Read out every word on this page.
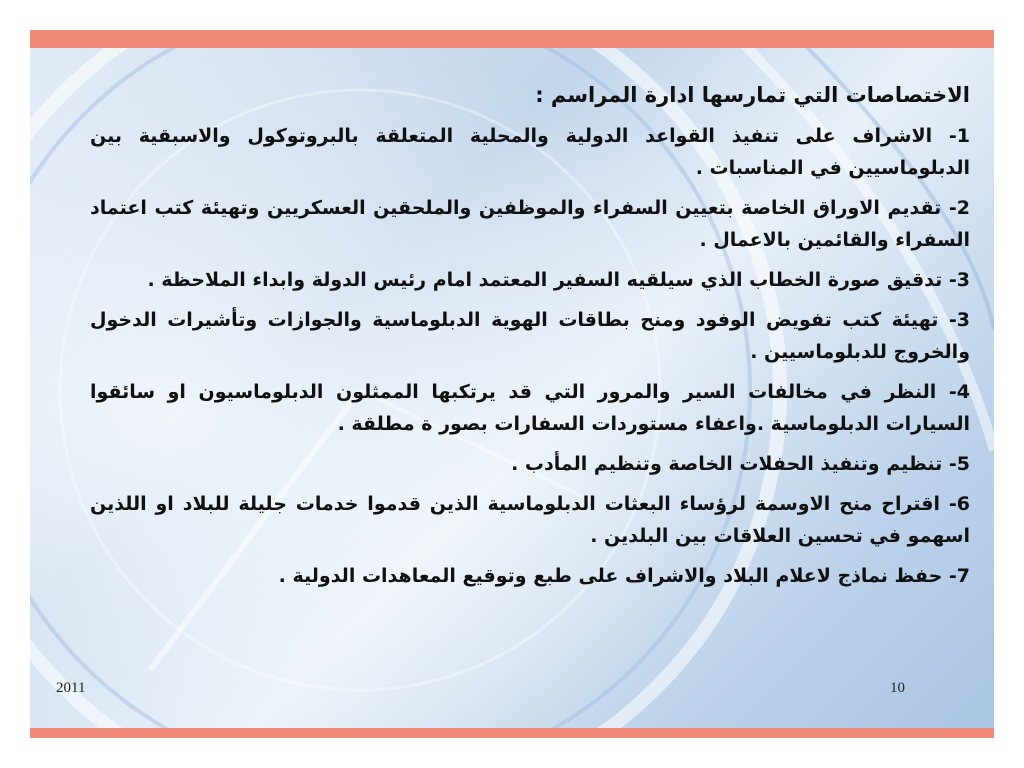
الاختصاصات التي تمارسها ادارة المراسم :
1- الاشراف على تنفيذ القواعد الدولية والمحلية المتعلقة بالبروتوكول والاسبقية بين الدبلوماسيين في المناسبات .
2- تقديم الاوراق الخاصة بتعيين السفراء والموظفين والملحقين العسكريين وتهيئة كتب اعتماد السفراء والقائمين بالاعمال .
3- تدقيق صورة الخطاب الذي سيلقيه السفير المعتمد امام رئيس الدولة وابداء الملاحظة .
3- تهيئة كتب تفويض الوفود ومنح بطاقات الهوية الدبلوماسية والجوازات وتأشيرات الدخول والخروج للدبلوماسيين .
4- النظر في مخالفات السير والمرور التي قد يرتكبها الممثلون الدبلوماسيون او سائقوا السيارات الدبلوماسية .واعفاء مستوردات السفارات بصور ة مطلقة .
5- تنظيم وتنفيذ الحفلات الخاصة وتنظيم المأدب .
6- اقتراح منح الاوسمة لرؤساء البعثات الدبلوماسية الذين قدموا خدمات جليلة للبلاد او اللذين اسهمو في تحسين العلاقات بين البلدين .
7- حفظ نماذج لاعلام البلاد والاشراف على طبع وتوقيع المعاهدات الدولية .
2011	10
